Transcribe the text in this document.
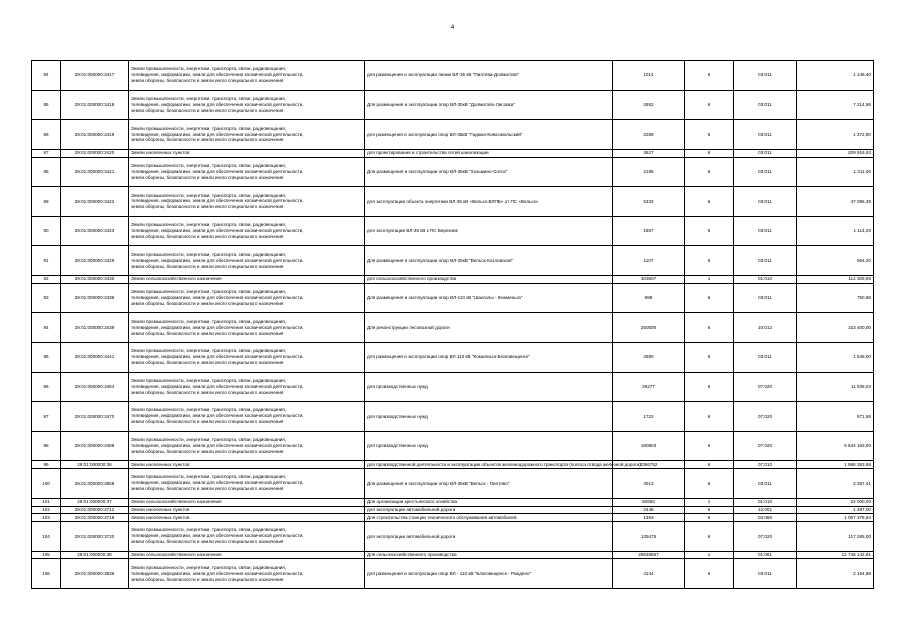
4
84	29:01:000000:3417	Земли промышленности, энергетики, транспорта, связи, радиовещания,
телевидения, информатики, земли для обеспечения космической деятельности,
земли обороны, безопасности и земли иного специального назначения	для размещения и эксплуатации линии ВЛ-35 кВ "Пилтева-Долматово"	1014	6	03:011	1 146,40
85	29:01:000000:3418	Земли промышленности, энергетики, транспорта, связи, радиовещания,
телевидения, информатики, земли для обеспечения космической деятельности,
земли обороны, безопасности и земли иного специального назначения	Для размещения и эксплуатации опор ВЛ-35кВ "Долматово-Лисовка"	2682	6	03:011	7 214,56
86	29:01:000000:3419	Земли промышленности, энергетики, транспорта, связи, радиовещания,
телевидения, информатики, земли для обеспечения космической деятельности,
земли обороны, безопасности и земли иного специального назначения	для размещения и эксплуатации опор ВЛ-35кВ "Гадюка-Комсомольский"	2288	6	03:011	1 372,80
87	29:01:000000:3420	Земли населенных пунктов	для проектирования и строительства сетей канализации	3627	6	03:011	209 916,63
88	29:01:000000:3421	Земли промышленности, энергетики, транспорта, связи, радиовещания,
телевидения, информатики, земли для обеспечения космической деятельности,
земли обороны, безопасности и земли иного специального назначения	Для размещения и эксплуатации опор ВЛ-35кВ "Хозьмино-Солга"	2185	6	03:011	1 311,00
89	29:01:000000:3422	Земли промышленности, энергетики, транспорта, связи, радиовещания,
телевидения, информатики, земли для обеспечения космической деятельности,
земли обороны, безопасности и земли иного специального назначения	для эксплуатации объекта энергетики ВЛ-35 кВ «Вельск-ВЛПБ» от ПС «Вельск»	5333	6	03:011	47 096,39
90	29:01:000000:3423	Земли промышленности, энергетики, транспорта, связи, радиовещания,
телевидения, информатики, земли для обеспечения космической деятельности,
земли обороны, безопасности и земли иного специального назначения	для эксплуатации ВЛ-35 кВ к ПС Березник	1857	6	03:011	1 114,20
91	29:01:000000:3429	Земли промышленности, энергетики, транспорта, связи, радиовещания,
телевидения, информатики, земли для обеспечения космической деятельности,
земли обороны, безопасности и земли иного специального назначения	Для размещения и эксплуатации опор ВЛ-35кВ "Вельск-Козловская"	1107	6	03:011	664,20
92	29:01:000000:3430	Земли сельскохозяйственного назначения	для сельскохозяйственного производства	303607	1	01:010	114 309,66
93	29:01:000000:3436	Земли промышленности, энергетики, транспорта, связи, радиовещания,
телевидения, информатики, земли для обеспечения космической деятельности,
земли обороны, безопасности и земли иного специального назначения	Для размещения и эксплуатации опор ВЛ-110 кВ "Шангалы - Кежменьга"	988	6	03:011	750,88
94	29:01:000000:3439	Земли промышленности, энергетики, транспорта, связи, радиовещания,
телевидения, информатики, земли для обеспечения космической деятельности,
земли обороны, безопасности и земли иного специального назначения	Для реконструкции лесовозной дороги	250000	6	10:012	153 400,00
95	29:01:000000:3441	Земли промышленности, энергетики, транспорта, связи, радиовещания,
телевидения, информатики, земли для обеспечения космической деятельности,
земли обороны, безопасности и земли иного специального назначения	для размещения и эксплуатации опор ВЛ 110 кВ "Кокшеньга-Благовещенск"	2580	6	03:011	1 548,00
96	29:01:000000:3464	Земли промышленности, энергетики, транспорта, связи, радиовещания,
телевидения, информатики, земли для обеспечения космической деятельности,
земли обороны, безопасности и земли иного специального назначения	для производственных нужд	28277	6	07:020	11 028,03
97	29:01:000000:3470	Земли промышленности, энергетики, транспорта, связи, радиовещания,
телевидения, информатики, земли для обеспечения космической деятельности,
земли обороны, безопасности и земли иного специального назначения	для производственных нужд	1722	6	07:020	671,58
98	29:01:000000:3488	Земли промышленности, энергетики, транспорта, связи, радиовещания,
телевидения, информатики, земли для обеспечения космической деятельности,
земли обороны, безопасности и земли иного специального назначения	для производственных нужд	180803	6	07:020	9 844 163,00
99	29:01:000000:36	Земли населенных пунктов	для производственной деятельности и эксплуатации объектов железнодорожного транспорта (полоса отвода железной дороги)	3366752	6	07:010	1 986 383,66
100	29:01:000000:3658	Земли промышленности, энергетики, транспорта, связи, радиовещания,
телевидения, информатики, земли для обеспечения космической деятельности,
земли обороны, безопасности и земли иного специального назначения	Для размещения и эксплуатации опор ВЛ-35кВ "Вельск - Пилтово"	4013	6	03:011	2 287,41
101	29:01:000000:37	Земли сельскохозяйственного назначения	Для организации крестьянского хозяйства	50650	1	01:010	22 000,00
102	29:01:000000:3712	Земли населенных пунктов	для эксплуатации автомобильной дороги	2448	6	12:001	1 487,00
103	29:01:000000:3718	Земли населенных пунктов	Для строительства станции технического обслуживания автомобилей	1353	6	04:095	1 057 378,84
104	29:01:000000:3720	Земли промышленности, энергетики, транспорта, связи, радиовещания,
телевидения, информатики, земли для обеспечения космической деятельности,
земли обороны, безопасности и земли иного специального назначения	для эксплуатации автомобильной дороги	135475	6	07:020	117 285,00
105	29:01:000000:38	Земли сельскохозяйственного назначения	Для сельскохозяйственного производства	28638867	1	01:081	12 745 142,81
106	29:01:000000:3836	Земли промышленности, энергетики, транспорта, связи, радиовещания,
телевидения, информатики, земли для обеспечения космической деятельности,
земли обороны, безопасности и земли иного специального назначения	для размещения и эксплуатации опор ВЛ - 110 кВ "Благовещенск - Рождено"	4144	6	03:011	2 154,88
